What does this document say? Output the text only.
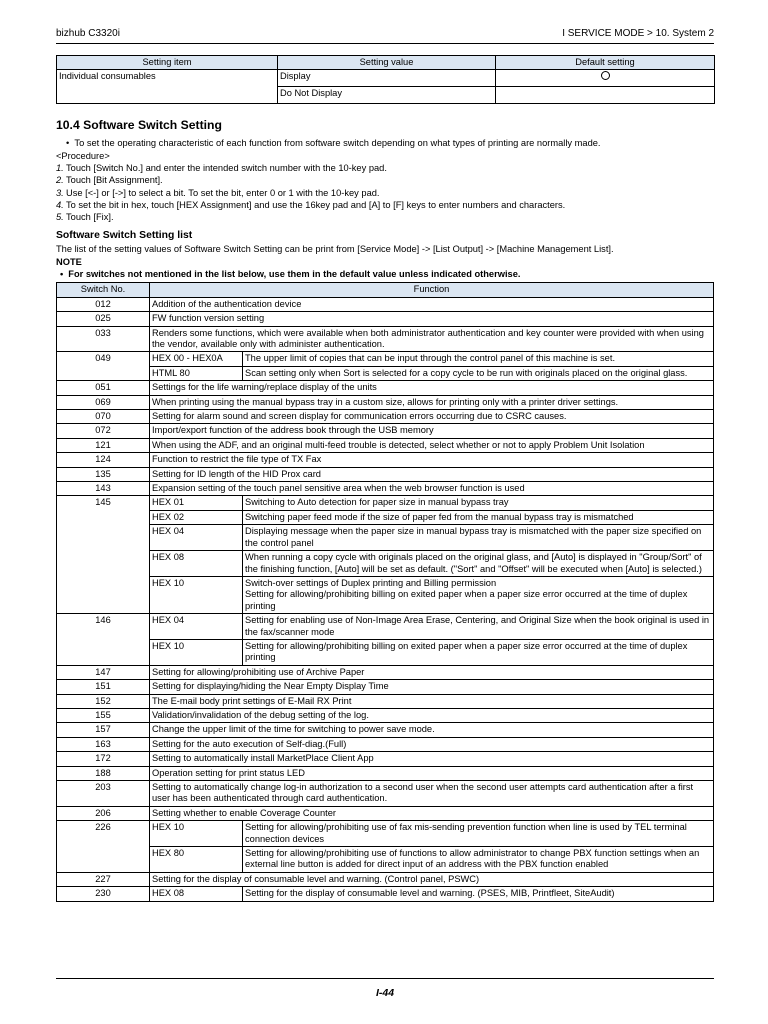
bizhub C3320i	I SERVICE MODE > 10. System 2
Setting item	Setting value	Default setting
Individual consumables	Display	
	Do Not Display	
10.4 Software Switch Setting
•  To set the operating characteristic of each function from software switch depending on what types of printing are normally made.
<Procedure>
1. Touch [Switch No.] and enter the intended switch number with the 10-key pad.
2. Touch [Bit Assignment].
3. Use [<-] or [->] to select a bit. To set the bit, enter 0 or 1 with the 10-key pad.
4. To set the bit in hex, touch [HEX Assignment] and use the 16key pad and [A] to [F] keys to enter numbers and characters.
5. Touch [Fix].
Software Switch Setting list
The list of the setting values of Software Switch Setting can be print from [Service Mode] -> [List Output] -> [Machine Management List].
NOTE
• For switches not mentioned in the list below, use them in the default value unless indicated otherwise.
Switch No.	Function	
012	Addition of the authentication device	
025	FW function version setting	
033	Renders some functions, which were available when both administrator authentication and key counter were provided with when using the vendor, available only with administer authentication.	
049	HEX 00 - HEX0A	The upper limit of copies that can be input through the control panel of this machine is set.
	HTML 80	Scan setting only when Sort is selected for a copy cycle to be run with originals placed on the original glass.
051	Settings for the life warning/replace display of the units	
069	When printing using the manual bypass tray in a custom size, allows for printing only with a printer driver settings.	
070	Setting for alarm sound and screen display for communication errors occurring due to CSRC causes.	
072	Import/export function of the address book through the USB memory	
121	When using the ADF, and an original multi-feed trouble is detected, select whether or not to apply Problem Unit Isolation	
124	Function to restrict the file type of TX Fax	
135	Setting for ID length of the HID Prox card	
143	Expansion setting of the touch panel sensitive area when the web browser function is used	
145	HEX 01	Switching to Auto detection for paper size in manual bypass tray
	HEX 02	Switching paper feed mode if the size of paper fed from the manual bypass tray is mismatched
	HEX 04	Displaying message when the paper size in manual bypass tray is mismatched with the paper size specified on the control panel
	HEX 08	When running a copy cycle with originals placed on the original glass, and [Auto] is displayed in "Group/Sort" of the finishing function, [Auto] will be set as default. ("Sort" and "Offset" will be executed when [Auto] is selected.)
	HEX 10	Switch-over settings of Duplex printing and Billing permission
Setting for allowing/prohibiting billing on exited paper when a paper size error occurred at the time of duplex printing
146	HEX 04	Setting for enabling use of Non-Image Area Erase, Centering, and Original Size when the book original is used in the fax/scanner mode
	HEX 10	Setting for allowing/prohibiting billing on exited paper when a paper size error occurred at the time of duplex printing
147	Setting for allowing/prohibiting use of Archive Paper	
151	Setting for displaying/hiding the Near Empty Display Time	
152	The E-mail body print settings of E-Mail RX Print	
155	Validation/invalidation of the debug setting of the log.	
157	Change the upper limit of the time for switching to power save mode.	
163	Setting for the auto execution of Self-diag.(Full)	
172	Setting to automatically install MarketPlace Client App	
188	Operation setting for print status LED	
203	Setting to automatically change log-in authorization to a second user when the second user attempts card authentication after a first user has been authenticated through card authentication.	
206	Setting whether to enable Coverage Counter	
226	HEX 10	Setting for allowing/prohibiting use of fax mis-sending prevention function when line is used by TEL terminal connection devices
	HEX 80	Setting for allowing/prohibiting use of functions to allow administrator to change PBX function settings when an external line button is added for direct input of an address with the PBX function enabled
227	Setting for the display of consumable level and warning. (Control panel, PSWC)	
230	HEX 08	Setting for the display of consumable level and warning. (PSES, MIB, Printfleet, SiteAudit)
I-44
